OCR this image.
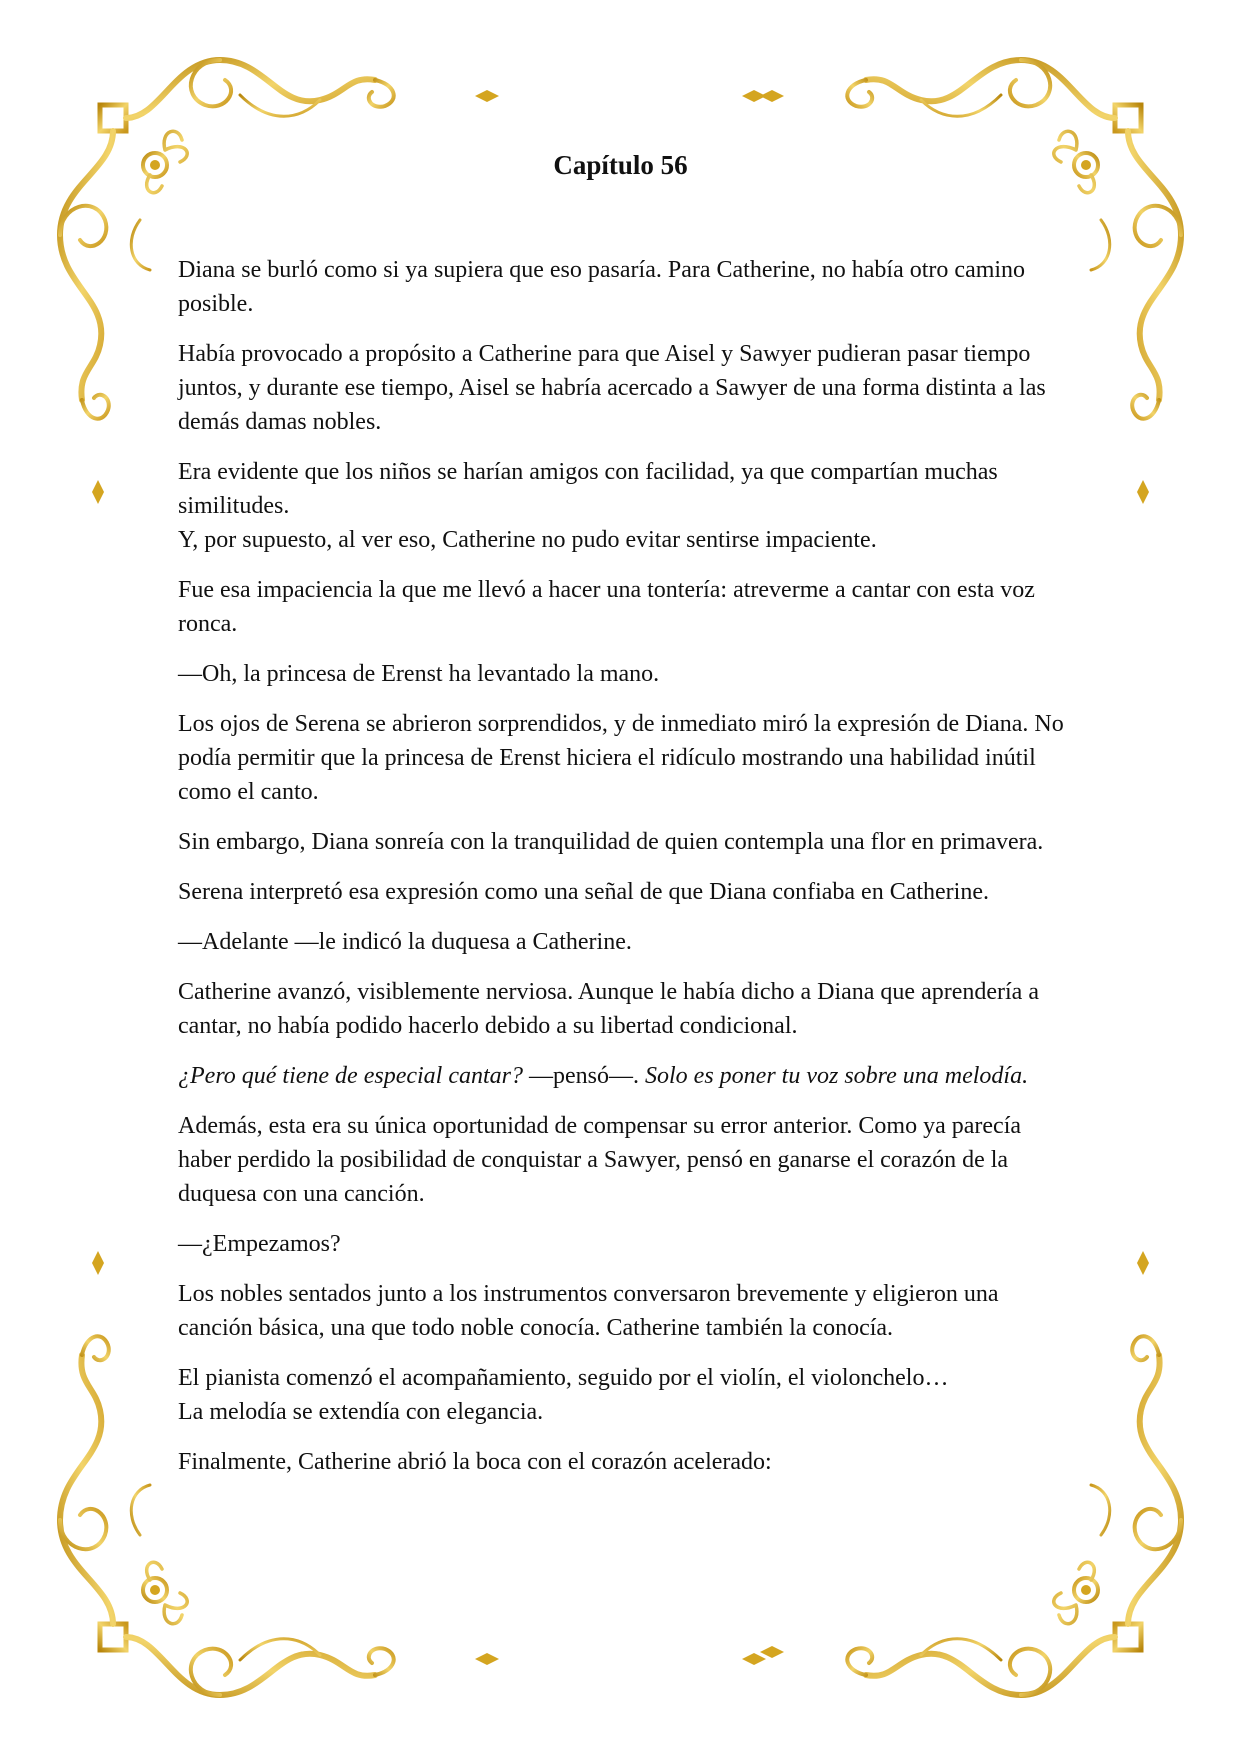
Capítulo 56

Diana se burló como si ya supiera que eso pasaría. Para Catherine, no había otro camino posible.

Había provocado a propósito a Catherine para que Aisel y Sawyer pudieran pasar tiempo juntos, y durante ese tiempo, Aisel se habría acercado a Sawyer de una forma distinta a las demás damas nobles.

Era evidente que los niños se harían amigos con facilidad, ya que compartían muchas similitudes.

Y, por supuesto, al ver eso, Catherine no pudo evitar sentirse impaciente.

Fue esa impaciencia la que me llevó a hacer una tontería: atreverme a cantar con esta voz ronca.

—Oh, la princesa de Erenst ha levantado la mano.

Los ojos de Serena se abrieron sorprendidos, y de inmediato miró la expresión de Diana. No podía permitir que la princesa de Erenst hiciera el ridículo mostrando una habilidad inútil como el canto.

Sin embargo, Diana sonreía con la tranquilidad de quien contempla una flor en primavera.

Serena interpretó esa expresión como una señal de que Diana confiaba en Catherine.

—Adelante —le indicó la duquesa a Catherine.

Catherine avanzó, visiblemente nerviosa. Aunque le había dicho a Diana que aprendería a cantar, no había podido hacerlo debido a su libertad condicional.

¿Pero qué tiene de especial cantar? —pensó—. Solo es poner tu voz sobre una melodía.

Además, esta era su única oportunidad de compensar su error anterior. Como ya parecía haber perdido la posibilidad de conquistar a Sawyer, pensó en ganarse el corazón de la duquesa con una canción.

—¿Empezamos?

Los nobles sentados junto a los instrumentos conversaron brevemente y eligieron una canción básica, una que todo noble conocía. Catherine también la conocía.

El pianista comenzó el acompañamiento, seguido por el violín, el violonchelo…

La melodía se extendía con elegancia.

Finalmente, Catherine abrió la boca con el corazón acelerado:
